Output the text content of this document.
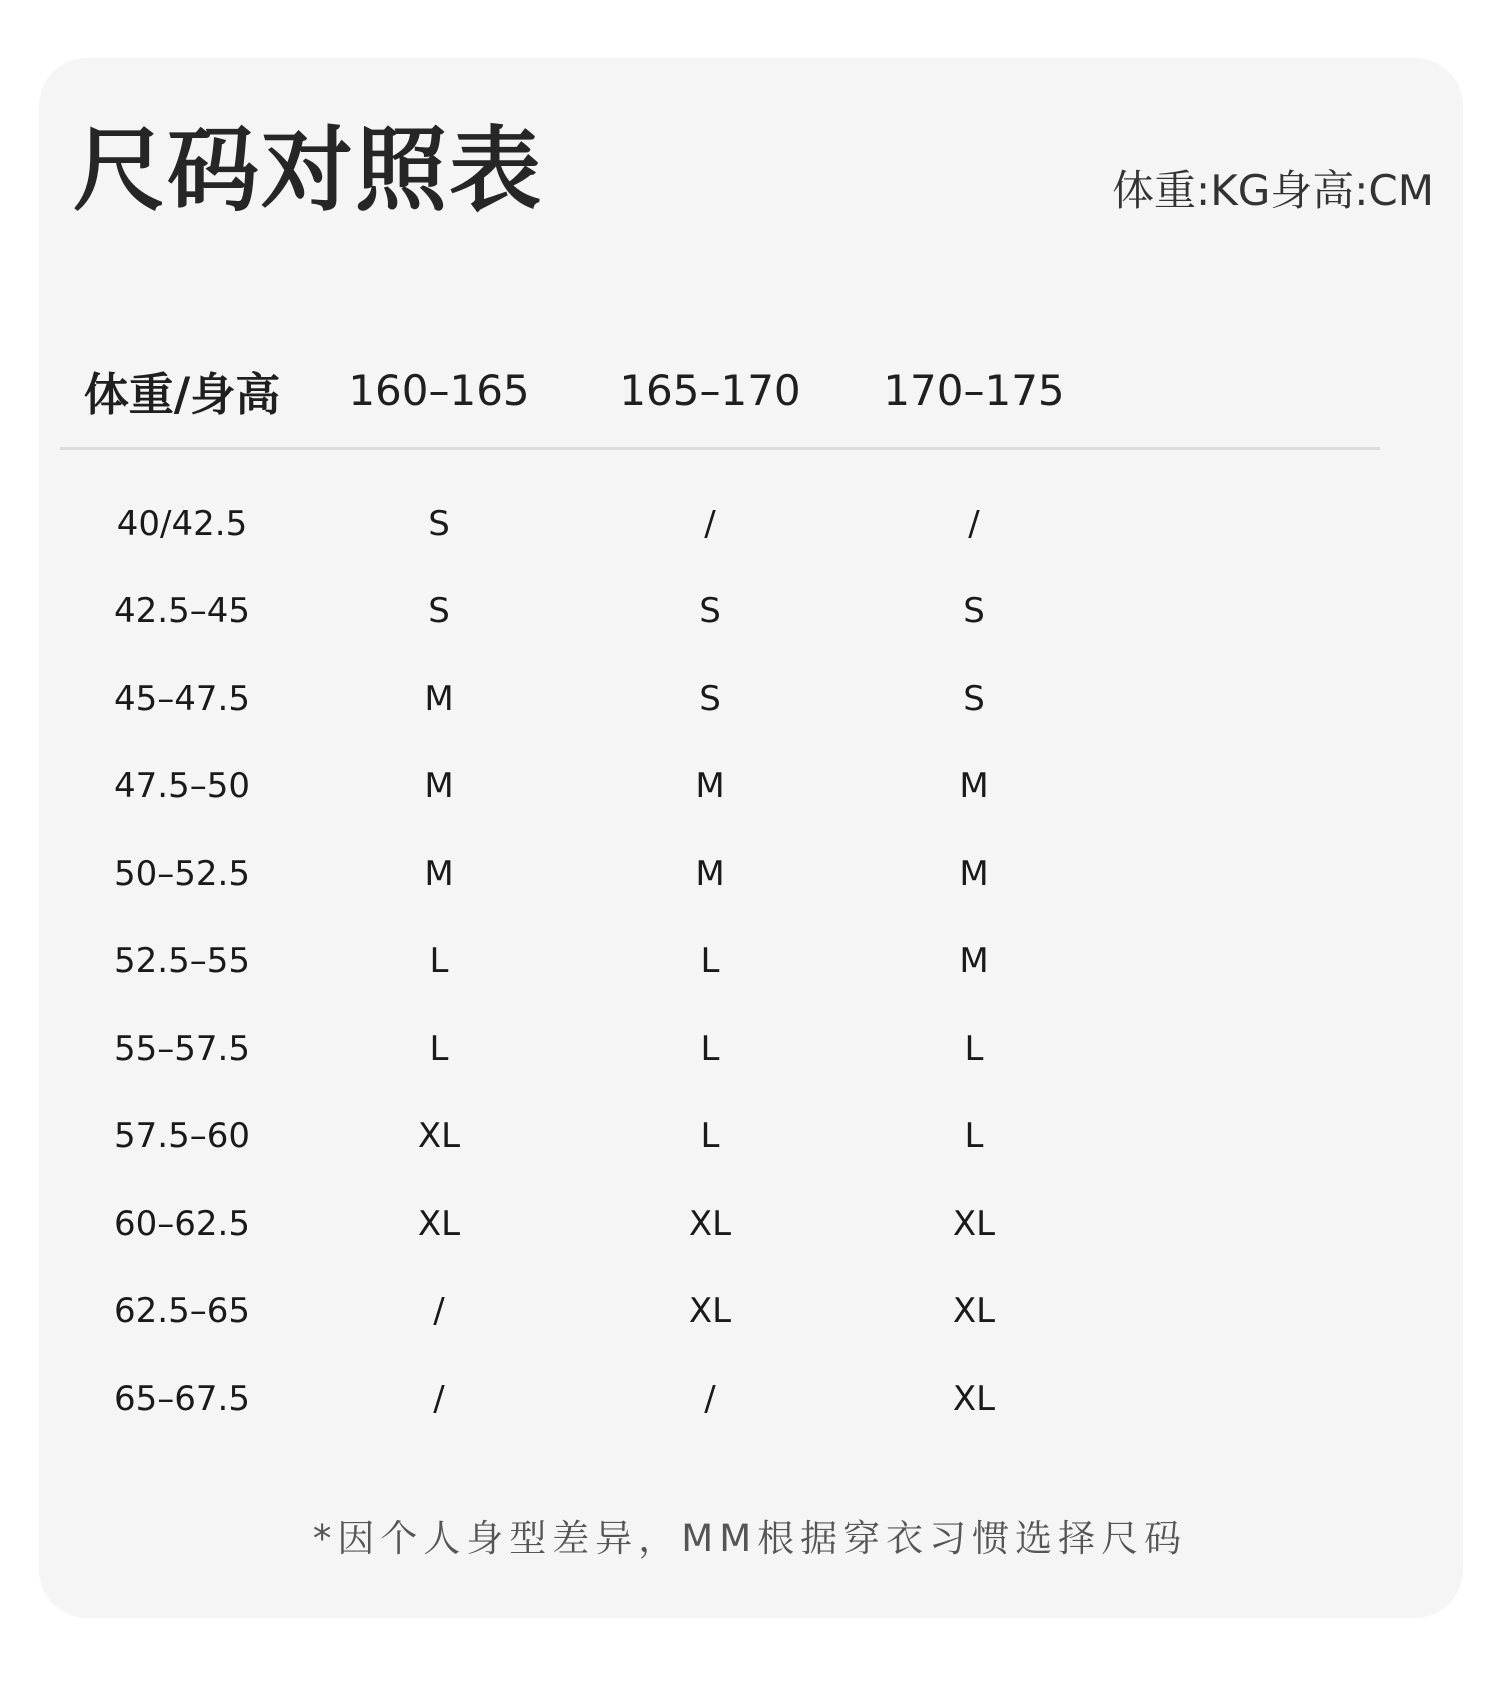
尺码对照表	体重:KG身高:CM
体重/身高	160–165	165–170	170–175	

40/42.5	S	/	/	
42.5–45	S	S	S	
45–47.5	M	S	S	
47.5–50	M	M	M	
50–52.5	M	M	M	
52.5–55	L	L	M	
55–57.5	L	L	L	
57.5–60	XL	L	L	
60–62.5	XL	XL	XL	
62.5–65	/	XL	XL	
65–67.5	/	/	XL	
*因个人身型差异，MM根据穿衣习惯选择尺码
